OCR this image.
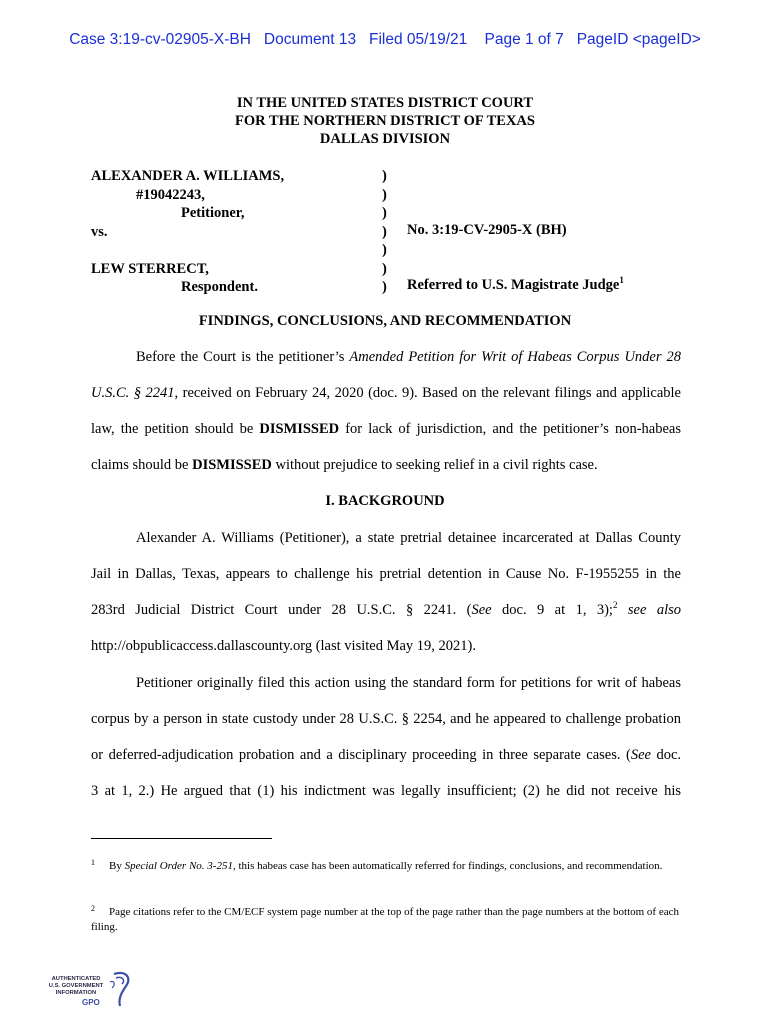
Case 3:19-cv-02905-X-BH Document 13 Filed 05/19/21 Page 1 of 7 PageID <pageID>
IN THE UNITED STATES DISTRICT COURT
FOR THE NORTHERN DISTRICT OF TEXAS
DALLAS DIVISION
ALEXANDER A. WILLIAMS,
#19042243,
Petitioner,
vs.
LEW STERRECT,
Respondent.
)
)
)
)
)
)
)
No. 3:19-CV-2905-X (BH)
Referred to U.S. Magistrate Judge$^1$
FINDINGS, CONCLUSIONS, AND RECOMMENDATION
Before the Court is the petitioner’s Amended Petition for Writ of Habeas Corpus Under 28
U.S.C. § 2241, received on February 24, 2020 (doc. 9). Based on the relevant filings and applicable
law, the petition should be DISMISSED for lack of jurisdiction, and the petitioner’s non-habeas
claims should be DISMISSED without prejudice to seeking relief in a civil rights case.
I. BACKGROUND
Alexander A. Williams (Petitioner), a state pretrial detainee incarcerated at Dallas County
Jail in Dallas, Texas, appears to challenge his pretrial detention in Cause No. F-1955255 in the
283rd Judicial District Court under 28 U.S.C. § 2241. (See doc. 9 at 1, 3);$^2$ see also
http://obpublicaccess.dallascounty.org (last visited May 19, 2021).
Petitioner originally filed this action using the standard form for petitions for writ of habeas
corpus by a person in state custody under 28 U.S.C. § 2254, and he appeared to challenge probation
or deferred-adjudication probation and a disciplinary proceeding in three separate cases. (See doc.
3 at 1, 2.) He argued that (1) his indictment was legally insufficient; (2) he did not receive his
$^1$ By Special Order No. 3-251, this habeas case has been automatically referred for findings, conclusions, and recommendation.
$^2$ Page citations refer to the CM/ECF system page number at the top of the page rather than the page numbers at the bottom of each filing.
AUTHENTICATED
U.S. GOVERNMENT
INFORMATION
GPO
